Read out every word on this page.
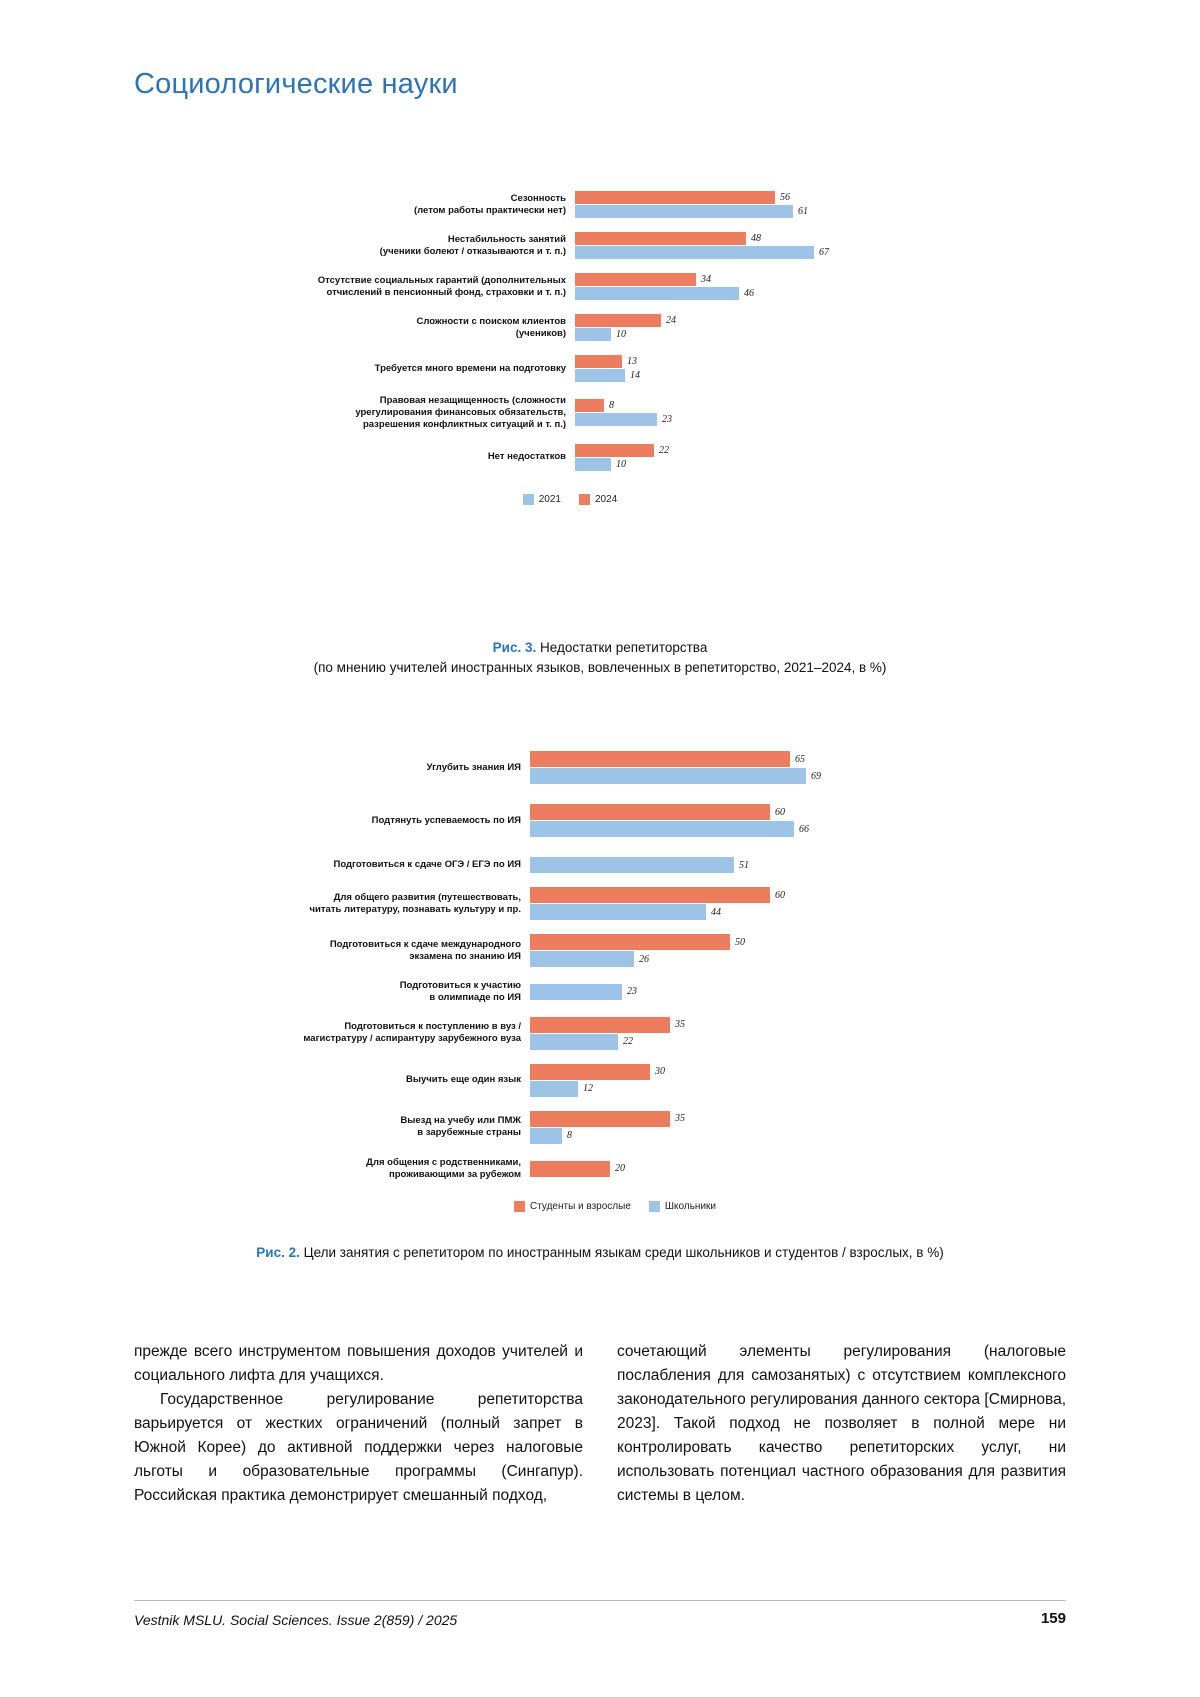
Социологические науки
Сезонность
(летом работы практически нет)
56
61
Нестабильность занятий
(ученики болеют / отказываются и т. п.)
48
67
Отсутствие социальных гарантий (дополнительных
отчислений в пенсионный фонд, страховки и т. п.)
34
46
Сложности с поиском клиентов
(учеников)
24
10
Требуется много времени на подготовку
13
14
Правовая незащищенность (сложности
урегулирования финансовых обязательств,
разрешения конфликтных ситуаций и т. п.)
8
23
Нет недостатков
22
10
2021	2024
Рис. 3. Недостатки репетиторства
(по мнению учителей иностранных языков, вовлеченных в репетиторство, 2021–2024, в %)
Углубить знания ИЯ
65
69
Подтянуть успеваемость по ИЯ
60
66
Подготовиться к сдаче ОГЭ / ЕГЭ по ИЯ	51
Для общего развития (путешествовать,
читать литературу, познавать культуру и пр.
60
44
Подготовиться к сдаче международного
экзамена по знанию ИЯ
50
26
Подготовиться к участию
в олимпиаде по ИЯ	23
Подготовиться к поступлению в вуз /
магистратуру / аспирантуру зарубежного вуза
35
22
Выучить еще один язык
30
12
Выезд на учебу или ПМЖ
в зарубежные страны
35
8
Для общения с родственниками,
проживающими за рубежом	20
Студенты и взрослые	Школьники
Рис. 2. Цели занятия с репетитором по иностранным языкам среди школьников и студентов / взрослых, в %)

прежде всего инструментом повышения доходов учителей и социального лифта для учащихся.

Государственное регулирование репетиторства варьируется от жестких ограничений (полный запрет в Южной Корее) до активной поддержки через налоговые льготы и образовательные программы (Сингапур). Российская практика демонстрирует смешанный подход,

сочетающий элементы регулирования (налоговые послабления для самозанятых) с отсутствием комплексного законодательного регулирования данного сектора [Смирнова, 2023]. Такой подход не позволяет в полной мере ни контролировать качество репетиторских услуг, ни использовать потенциал частного образования для развития системы в целом.

Vestnik MSLU. Social Sciences. Issue 2(859) / 2025	159
